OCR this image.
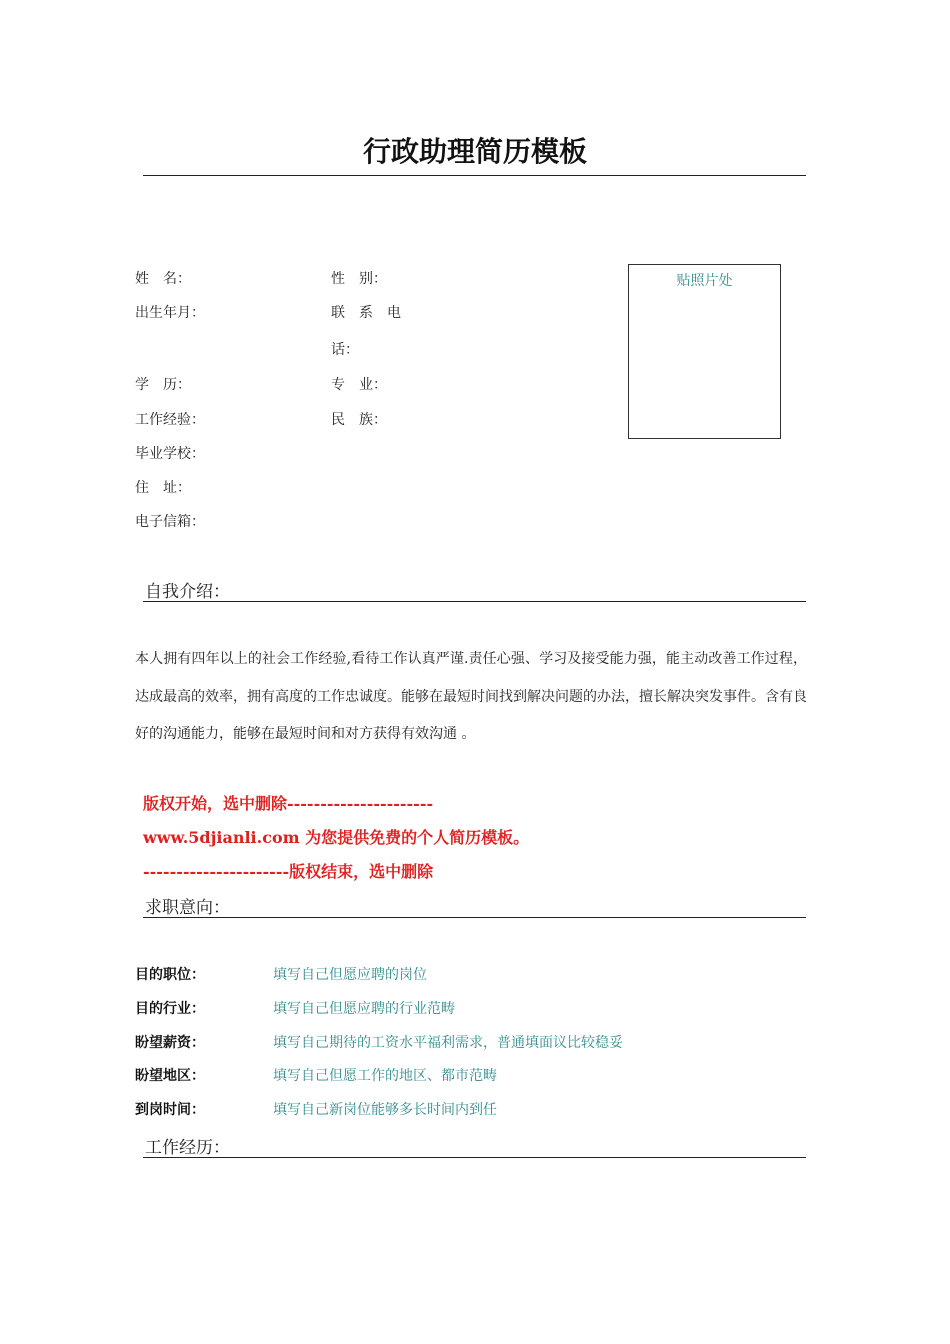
行政助理简历模板
姓　名：	性　别：
出生年月：	联　系　电
话：
学　历：	专　业：
工作经验：	民　族：
毕业学校：
住　址：
电子信箱：
贴照片处
自我介绍：
本人拥有四年以上的社会工作经验,看待工作认真严谨.责任心强、学习及接受能力强，能主动改善工作过程，达成最高的效率，拥有高度的工作忠诚度。能够在最短时间找到解决问题的办法，擅长解决突发事件。含有良好的沟通能力，能够在最短时间和对方获得有效沟通 。
版权开始，选中删除----------------------
www.5djianli.com 为您提供免费的个人简历模板。
----------------------版权结束，选中删除
求职意向：
目的职位：	填写自己但愿应聘的岗位
目的行业：	填写自己但愿应聘的行业范畴
盼望薪资：	填写自己期待的工资水平福利需求，普通填面议比较稳妥
盼望地区：	填写自己但愿工作的地区、都市范畴
到岗时间：	填写自己新岗位能够多长时间内到任
工作经历：
